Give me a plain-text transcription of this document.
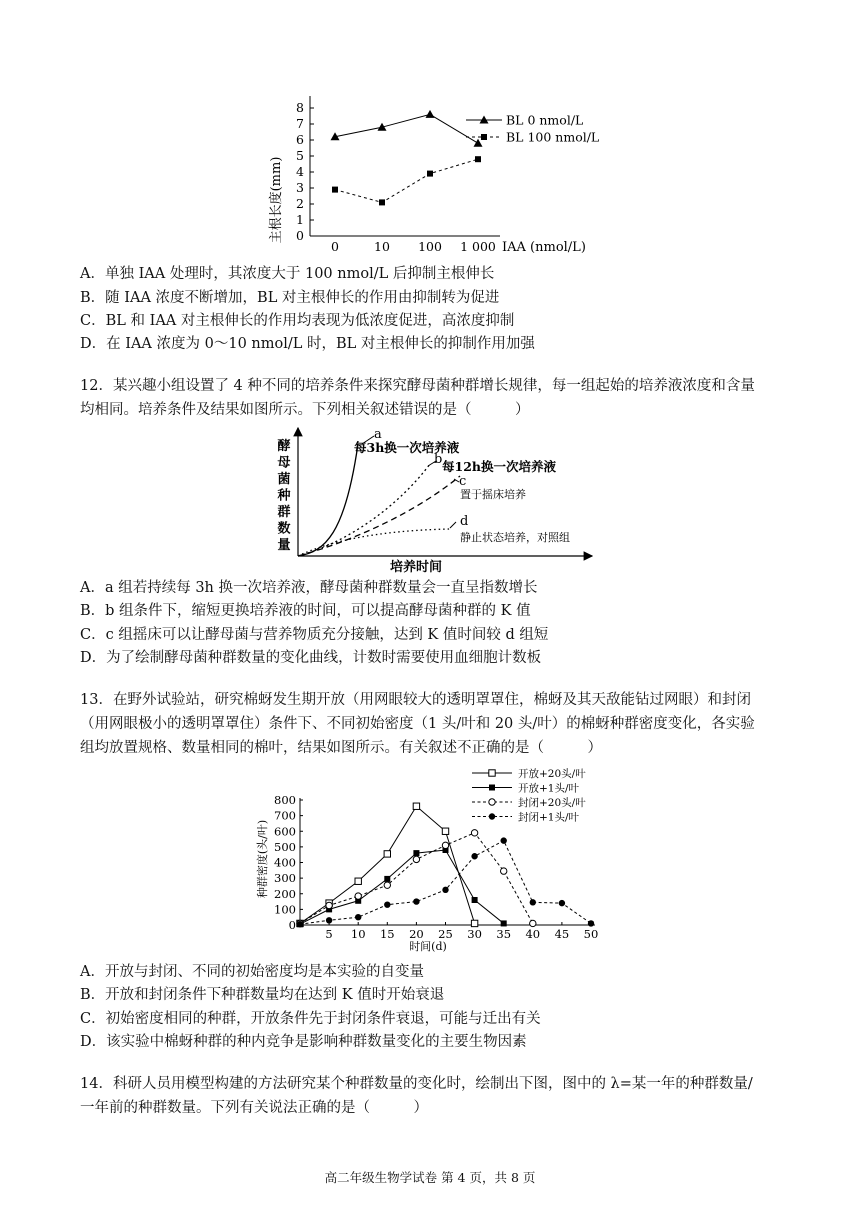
主根长度(mm) 0
1
2
3
4
5
6
7
8
0	10 100 1 000 IAA (nmol/L)
BL 0 nmol/L
BL 100 nmol/L
A．单独 IAA 处理时，其浓度大于 100 nmol/L 后抑制主根伸长
B．随 IAA 浓度不断增加，BL 对主根伸长的作用由抑制转为促进
C．BL 和 IAA 对主根伸长的作用均表现为低浓度促进，高浓度抑制
D．在 IAA 浓度为 0～10 nmol/L 时，BL 对主根伸长的抑制作用加强
12．某兴趣小组设置了 4 种不同的培养条件来探究酵母菌种群增长规律，每一组起始的培养液浓度和含量
均相同。培养条件及结果如图所示。下列相关叙述错误的是（　　　）
酵
母
菌
种
群
数
量
a
b
c
d
每3h换一次培养液
每12h换一次培养液
置于摇床培养
静止状态培养，对照组
培养时间
A．a 组若持续每 3h 换一次培养液，酵母菌种群数量会一直呈指数增长
B．b 组条件下，缩短更换培养液的时间，可以提高酵母菌种群的 K 值
C．c 组摇床可以让酵母菌与营养物质充分接触，达到 K 值时间较 d 组短
D．为了绘制酵母菌种群数量的变化曲线，计数时需要使用血细胞计数板
13．在野外试验站，研究棉蚜发生期开放（用网眼较大的透明罩罩住，棉蚜及其天敌能钻过网眼）和封闭
（用网眼极小的透明罩罩住）条件下、不同初始密度（1 头/叶和 20 头/叶）的棉蚜种群密度变化，各实验
组均放置规格、数量相同的棉叶，结果如图所示。有关叙述不正确的是（　　　）
种群密度(头/叶)
0
100
200
300
400
500
600
700
800
5 10 15 20 25 30 35 40 45 50
时间(d)
开放+20头/叶
开放+1头/叶
封闭+20头/叶
封闭+1头/叶
A．开放与封闭、不同的初始密度均是本实验的自变量
B．开放和封闭条件下种群数量均在达到 K 值时开始衰退
C．初始密度相同的种群，开放条件先于封闭条件衰退，可能与迁出有关
D．该实验中棉蚜种群的种内竞争是影响种群数量变化的主要生物因素
14．科研人员用模型构建的方法研究某个种群数量的变化时，绘制出下图，图中的 λ=某一年的种群数量/
一年前的种群数量。下列有关说法正确的是（　　　）
高二年级生物学试卷 第 4 页，共 8 页
